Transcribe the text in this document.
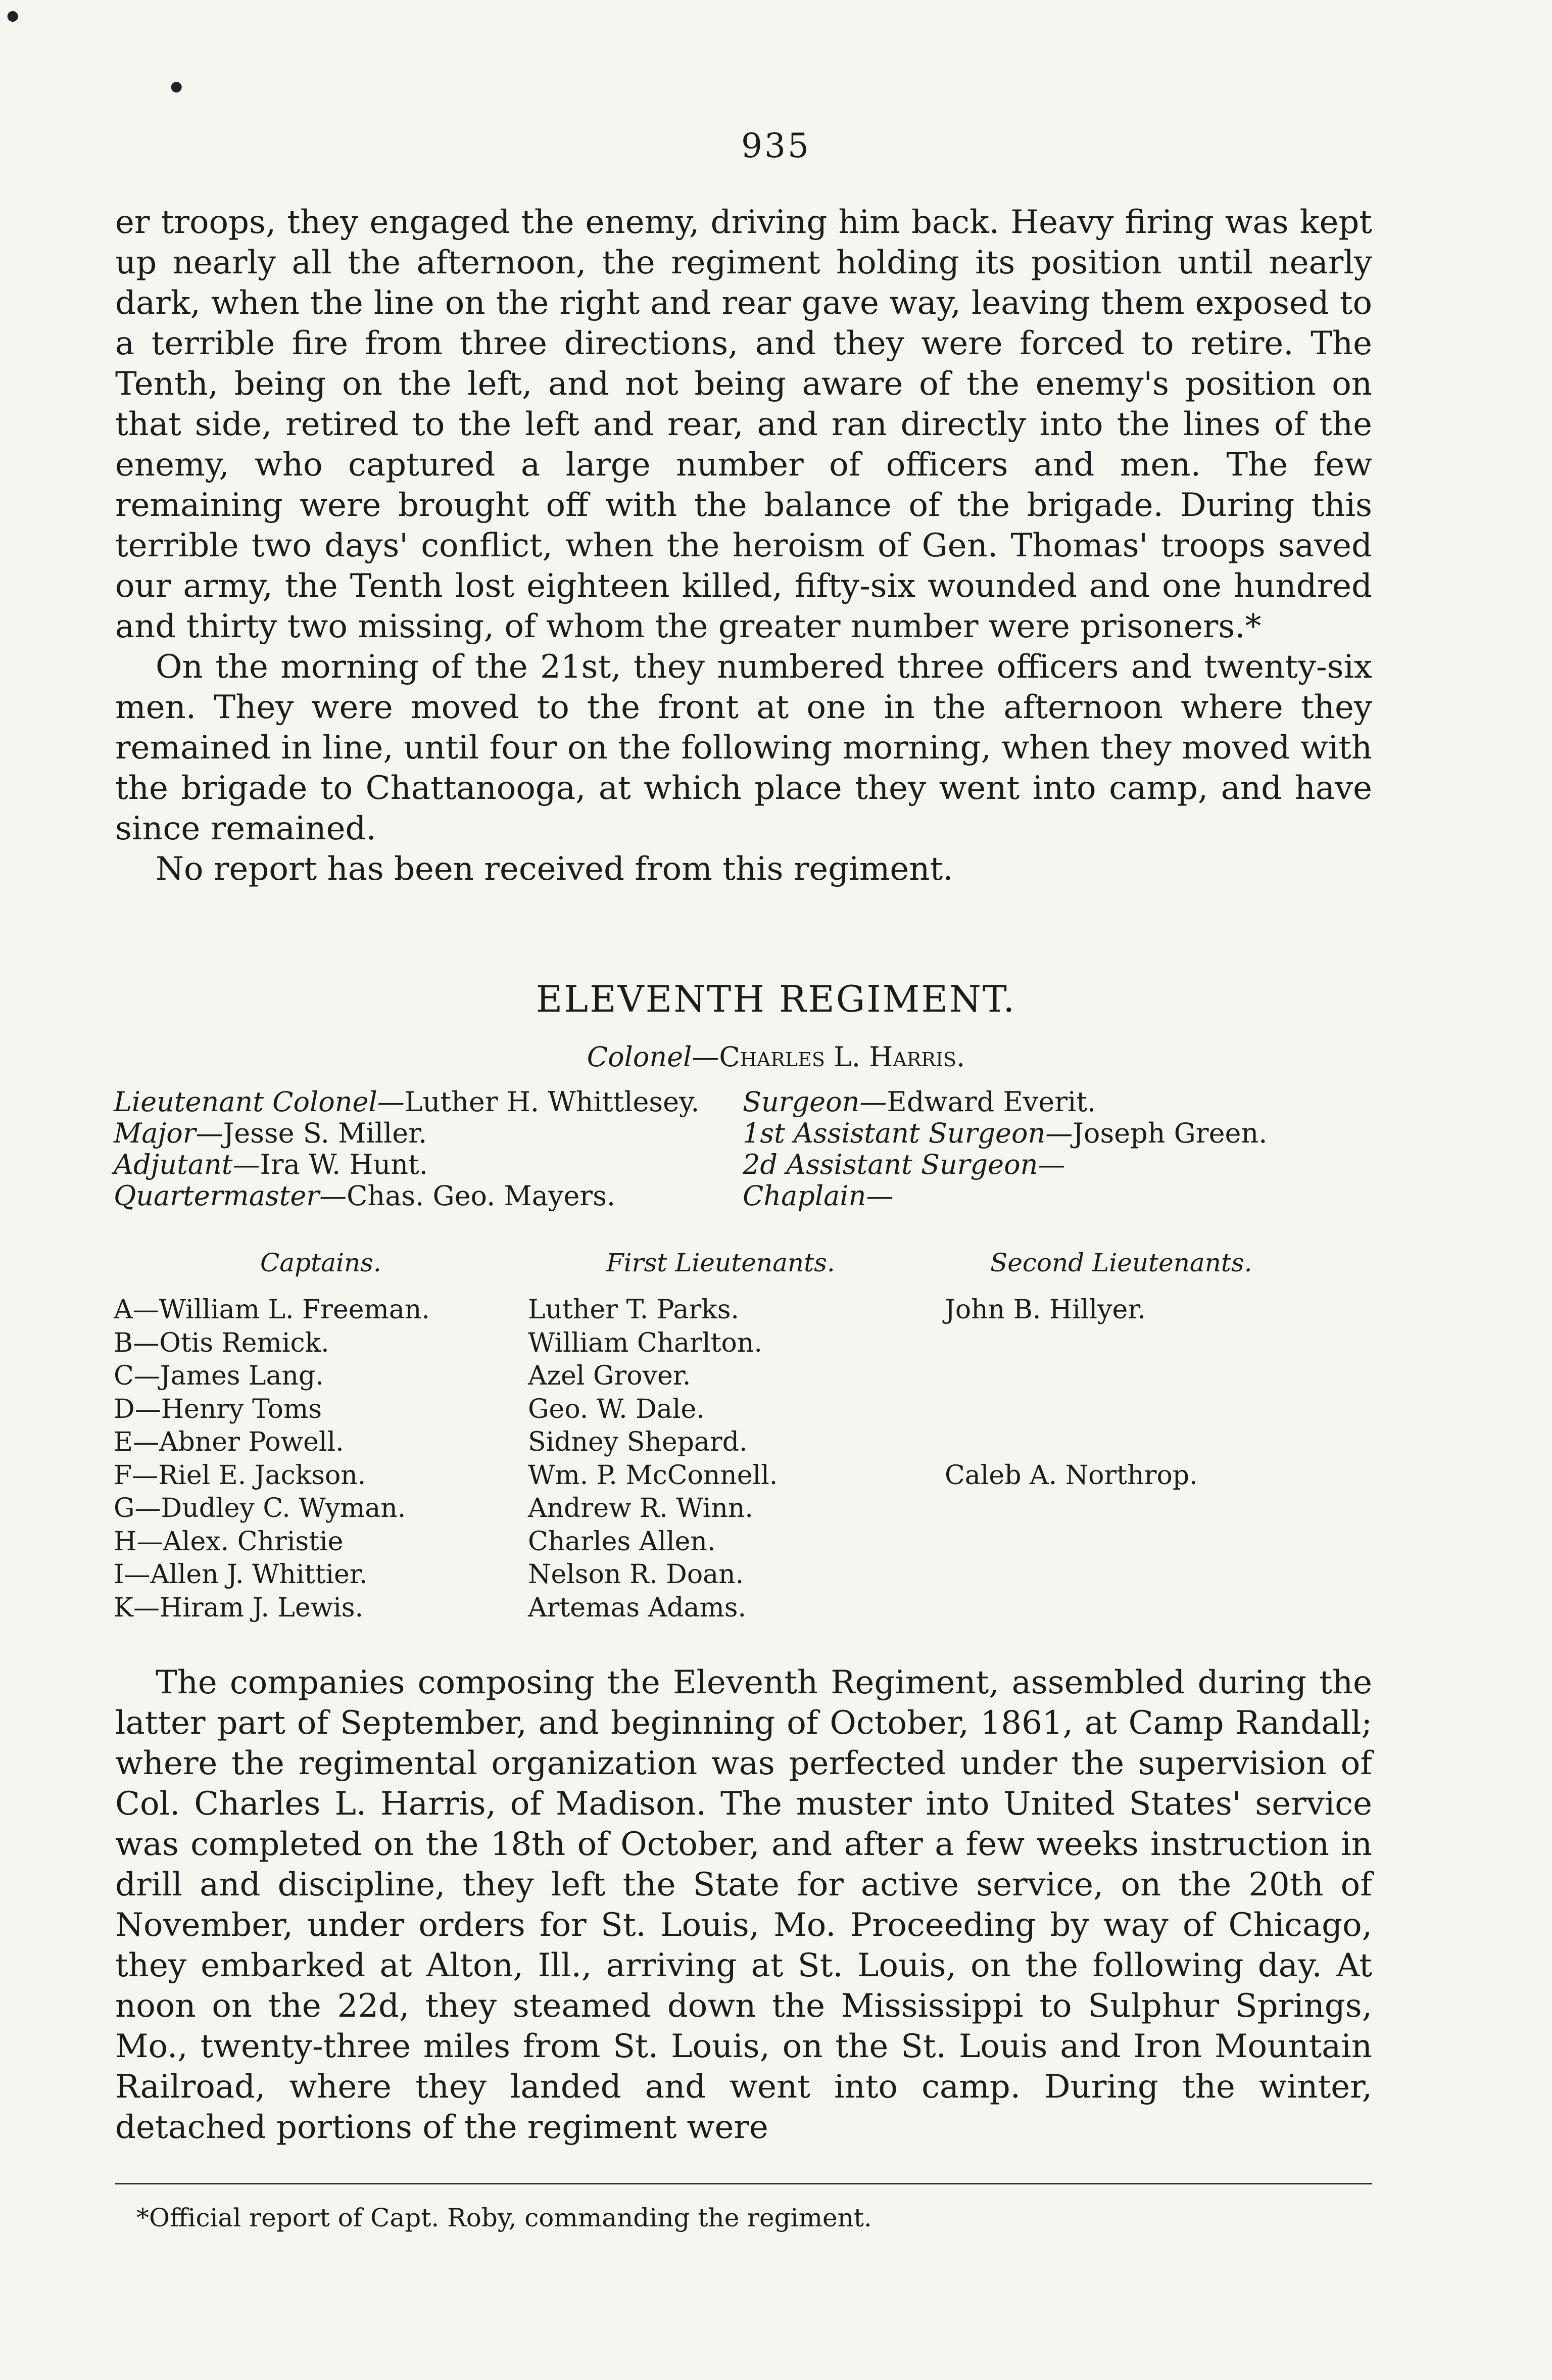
•
•
935

er troops, they engaged the enemy, driving him back. Heavy firing was kept up nearly all the afternoon, the regiment holding its position until nearly dark, when the line on the right and rear gave way, leaving them exposed to a terrible fire from three directions, and they were forced to retire. The Tenth, being on the left, and not being aware of the enemy's position on that side, retired to the left and rear, and ran directly into the lines of the enemy, who captured a large number of officers and men. The few remaining were brought off with the balance of the brigade. During this terrible two days' conflict, when the heroism of Gen. Thomas' troops saved our army, the Tenth lost eighteen killed, fifty-six wounded and one hundred and thirty two missing, of whom the greater number were prisoners.*

On the morning of the 21st, they numbered three officers and twenty-six men. They were moved to the front at one in the afternoon where they remained in line, until four on the following morning, when they moved with the brigade to Chattanooga, at which place they went into camp, and have since remained.

No report has been received from this regiment.

ELEVENTH REGIMENT.
Colonel—Charles L. Harris.
Lieutenant Colonel—Luther H. Whittlesey.
Major—Jesse S. Miller.
Adjutant—Ira W. Hunt.
Quartermaster—Chas. Geo. Mayers.
Surgeon—Edward Everit.
1st Assistant Surgeon—Joseph Green.
2d Assistant Surgeon—
Chaplain—
Captains.	First Lieutenants.	Second Lieutenants.
A—William L. Freeman.
B—Otis Remick.
C—James Lang.
D—Henry Toms
E—Abner Powell.
F—Riel E. Jackson.
G—Dudley C. Wyman.
H—Alex. Christie
I—Allen J. Whittier.
K—Hiram J. Lewis.
Luther T. Parks.
William Charlton.
Azel Grover.
Geo. W. Dale.
Sidney Shepard.
Wm. P. McConnell.
Andrew R. Winn.
Charles Allen.
Nelson R. Doan.
Artemas Adams.
John B. Hillyer.

Caleb A. Northrop.

The companies composing the Eleventh Regiment, assembled during the latter part of September, and beginning of October, 1861, at Camp Randall; where the regimental organization was perfected under the supervision of Col. Charles L. Harris, of Madison. The muster into United States' service was completed on the 18th of October, and after a few weeks instruction in drill and discipline, they left the State for active service, on the 20th of November, under orders for St. Louis, Mo. Proceeding by way of Chicago, they embarked at Alton, Ill., arriving at St. Louis, on the following day. At noon on the 22d, they steamed down the Mississippi to Sulphur Springs, Mo., twenty-three miles from St. Louis, on the St. Louis and Iron Mountain Railroad, where they landed and went into camp. During the winter, detached portions of the regiment were

*Official report of Capt. Roby, commanding the regiment.
